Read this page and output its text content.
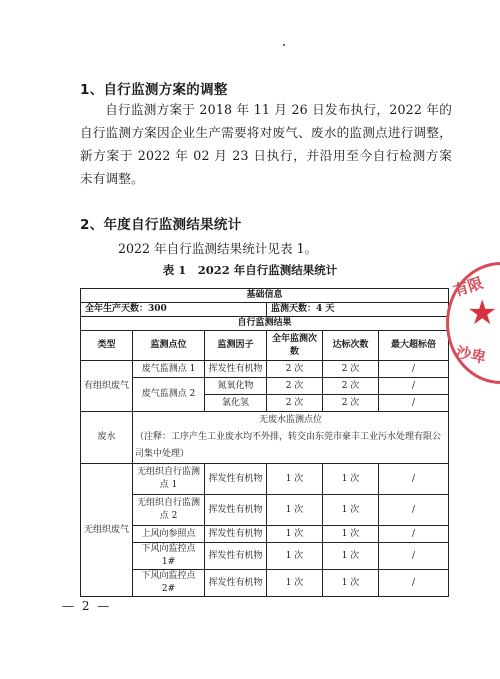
1、自行监测方案的调整
自行监测方案于 2018 年 11 月 26 日发布执行，2022 年的自行监测方案因企业生产需要将对废气、废水的监测点进行调整，新方案于 2022 年 02 月 23 日执行，并沿用至今自行检测方案未有调整。
2、年度自行监测结果统计
2022 年自行监测结果统计见表 1。
表 1　2022 年自行监测结果统计
基础信息					
全年生产天数：300			监测天数：4 天		
自行监测结果					
类型	监测点位	监测因子	全年监测次数	达标次数	最大超标倍
有组织废气	废气监测点 1	挥发性有机物	2 次	2 次	/
	废气监测点 2	氮氧化物	2 次	2 次	/
		氯化氢	2 次	2 次	/
废水	无废水监测点位
（注释：工序产生工业废水均不外排，转交由东莞市豪丰工业污水处理有限公司集中处理）				

无组织废气	无组织自行监测点 1	挥发性有机物	1 次	1 次	/
	无组织自行监测点 2	挥发性有机物	1 次	1 次	/
	上风向参照点	挥发性有机物	1 次	1 次	/
	下风向监控点 1#	挥发性有机物	1 次	1 次	/
	下风向监控点 2#	挥发性有机物	1 次	1 次	/
— 2 —
有限
★
沙卑
